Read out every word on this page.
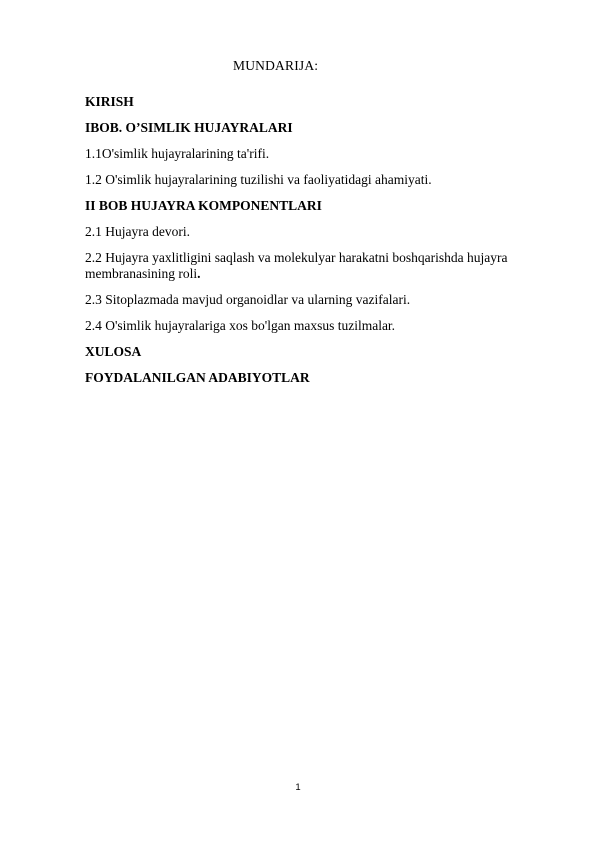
MUNDARIJA:
KIRISH
IBOB. O’SIMLIK HUJAYRALARI
1.1O'simlik hujayralarining ta'rifi.
1.2 O'simlik hujayralarining tuzilishi va faoliyatidagi ahamiyati.
II BOB HUJAYRA KOMPONENTLARI
2.1 Hujayra devori.
2.2 Hujayra yaxlitligini saqlash va molekulyar harakatni boshqarishda hujayra membranasining roli.
2.3 Sitoplazmada mavjud organoidlar va ularning vazifalari.
2.4 O'simlik hujayralariga xos bo'lgan maxsus tuzilmalar.
XULOSA
FOYDALANILGAN ADABIYOTLAR
1
